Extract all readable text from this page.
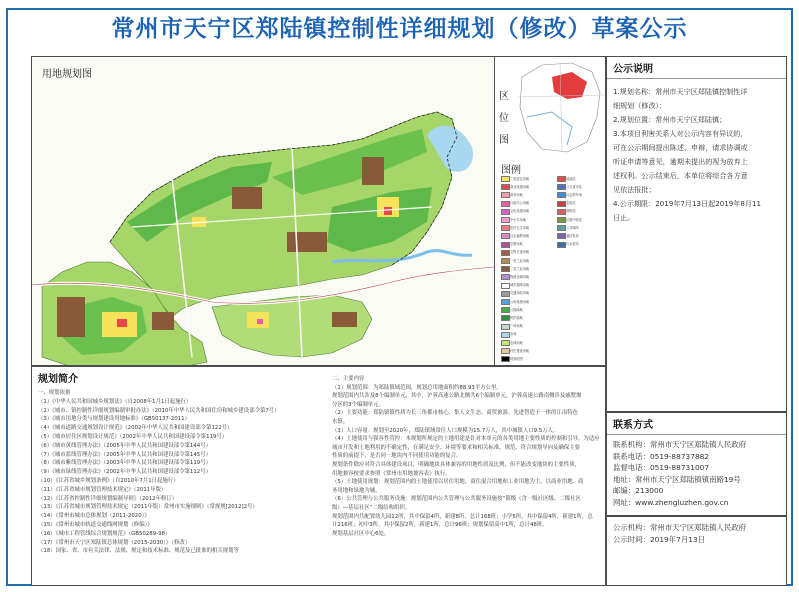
常州市天宁区郑陆镇控制性详细规划（修改）草案公示
用地规划图
区
位
图
图例
二类居住用地
商业设施用地
商务用地
行政办公用地
文化设施用地
中小学用地
医疗卫生用地
社会福利用地
宗教用地
文物古迹用地
一类工业用地
二类工业用地
物流仓储用地
城市道路用地
交通场站用地
公用设施用地
公园绿地
防护绿地
广场用地
水域
农林用地
村庄建设用地
规划范围
加油站
公交首末站
社会停车场
变电站
消防站
垃圾中转站
公共厕所
通信机房
污水泵站
公示说明
1.规划名称：常州市天宁区郑陆镇控制性详
细规划（修改）；
2.规划位置：常州市天宁区郑陆镇；
3.本项目利害关系人对公示内容有异议的，
可在公示期间提出陈述、申辩，请求协调或
听证申请等意见，逾期未提出的视为放弃上
述权利。公示结束后，本单位将综合各方意
见依法报批；
4.公示期限：2019年7月13日起2019年8月11
日止。
联系方式
联系机构：常州市天宁区郑陆镇人民政府
联系电话：0519-88737882
监督电话：0519-88731007
地址：常州市天宁区郑陆镇镇南路19号
邮编：213000
网址：www.zhengluzhen.gov.cn
公示机构：常州市天宁区郑陆镇人民政府
公示时间：2019年7月13日
规划简介
一、规划依据
（1）《中华人民共和国城乡规划法》（自2008年1月1日起施行）
（2）《城市、镇控制性详细规划编制审批办法》（2010年中华人民共和国住房和城乡建设部令第7号）
（3）《城市用地分类与规划建设用地标准》（GB50137-2011）
（4）《城市道路交通规划设计规范》（2002年中华人民共和国建设部令第122号）
（5）《城市居住区规划设计规范》（2002年中华人民共和国建设部令第119号）
（6）《城市黄线管理办法》（2005年中华人民共和国建设部令第144号）
（7）《城市蓝线管理办法》（2005年中华人民共和国建设部令第145号）
（8）《城市紫线管理办法》（2003年中华人民共和国建设部令第119号）
（9）《城市绿线管理办法》（2002年中华人民共和国建设部令第112号）
（10）《江苏省城乡规划条例》（自2010年7月1日起施行）
（11）《江苏省城市规划管理技术规定》（2011年版）
（12）《江苏省控制性详细规划编制导则》（2012年修订）
（13）《江苏省城市规划管理技术规定（2011年版）常州市实施细则》（常规规[2012]2号）
（14）《常州市城市总体规划（2011-2020）》
（15）《常州市城市轨道交通线网规划（修编）》
（16）《城市工程管线综合规划规范》（GB50289-98）
（17）《常州市天宁区郑陆镇总体规划（2015-2030）》（修改）
（18）国家、省、市有关法律、法规、规定和技术标准、规范及已批准的相关规划等
二、主要内容
（1）规划范围：为郑陆镇域范围，规划总用地面积约88.93平方公里。
规划范围内共涉及8个编制单元，其中，沪蓉高速公路北侧共6个编制单元，沪蓉高速公路南侧涉及戚墅堰
分区的3个编制单元。
（2）主要功能：郑陆镇镇性质为长三角都市核心、集人文生态、商贸旅游、先进智造于一体的江南特色
水镇。
（3）人口容量：规划至2020年，郑陆镇域常住人口规模为15.7万人，其中城镇人口9.5万人。
（4）土地使用与强容性管控：本规划所规定的土地用途是针对本单元的各类用地主要性质的控制和引导，为适应
城市开发和土地利用的不确定性，在满足安全、环境等要求和相关标准、规范、符合规划导向及确保主要
性质的前提下，是否同一地块内不同使用功能的复合。
规划条件除应对符合具体建设项目，明确地块具体兼容的用地性质及比例，但不能改变地块的主要性质，
用地兼容按要求参照《常州市用地兼容表》执行。
（5）土地使用规划：规划范围内的土地使用以居住用地、商住混合用地和工业用地为主，以商业用地、商
务用地和绿地为辅。
（6）公共管理与公共服务设施：规划范围内公共管理与公共服务设施按“镇级（含一级社区级、二级社区
级）—基层社区”二级结构组织。
规划范围内共配置幼儿园12所，其中保留4所，新建8所，总计168班；小学5所，其中保留4所，新建1所，总
计216班；初中3所，其中保留2所，新建1所，总计96班；规划保留高中1所，总计48班。
规划基层社区中心6处。
